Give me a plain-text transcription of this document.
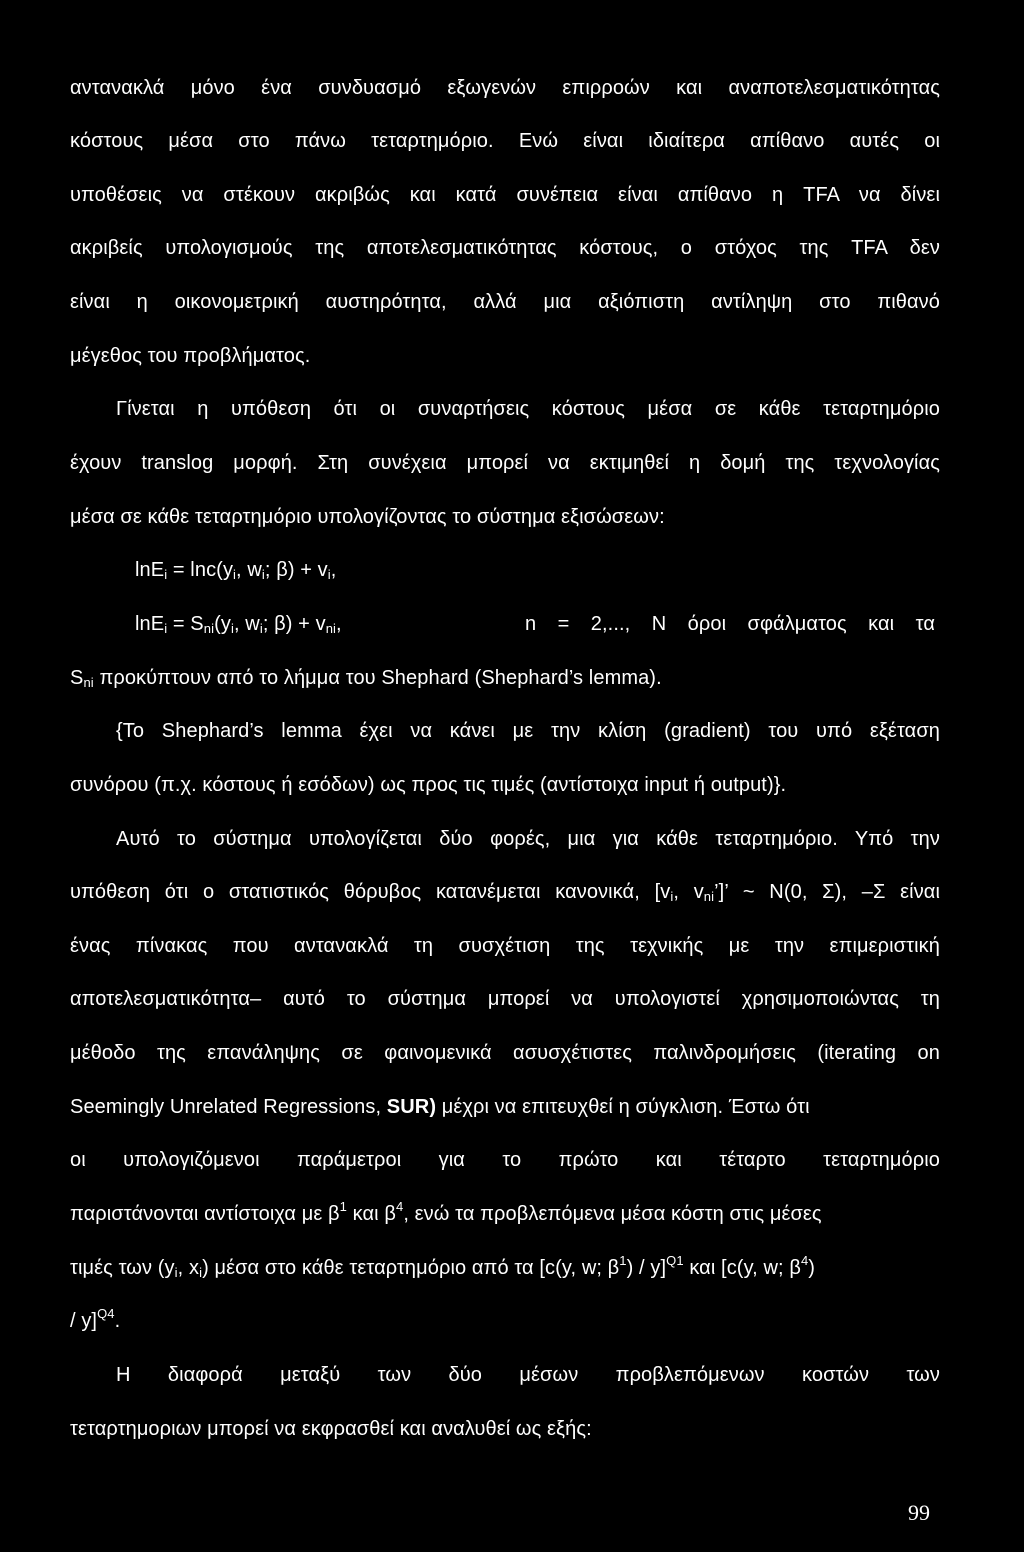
αντανακλά μόνο ένα συνδυασμό εξωγενών επιρροών και αναποτελεσματικότητας
κόστους μέσα στο πάνω τεταρτημόριο. Ενώ είναι ιδιαίτερα απίθανο αυτές οι
υποθέσεις να στέκουν ακριβώς και κατά συνέπεια είναι απίθανο η TFA να δίνει
ακριβείς υπολογισμούς της αποτελεσματικότητας κόστους, ο στόχος της TFA δεν
είναι η οικονομετρική αυστηρότητα, αλλά μια αξιόπιστη αντίληψη στο πιθανό
μέγεθος του προβλήματος.
Γίνεται η υπόθεση ότι οι συναρτήσεις κόστους μέσα σε κάθε τεταρτημόριο
έχουν translog μορφή. Στη συνέχεια μπορεί να εκτιμηθεί η δομή της τεχνολογίας
μέσα σε κάθε τεταρτημόριο υπολογίζοντας το σύστημα εξισώσεων:
$\ln E_i = \ln c(y_i$, $w_i$; $\beta) + v_i$,
$\ln E_i = S_{ni}(y_i$, $w_i$; $\beta) + v_{ni}$,	n = 2,..., N όροι σφάλματος και τα
$S_{ni}$ προκύπτουν από το λήμμα του Shephard (Shephard’s lemma).
{Το Shephard’s lemma έχει να κάνει με την κλίση (gradient) του υπό εξέταση
συνόρου (π.χ. κόστους ή εσόδων) ως προς τις τιμές (αντίστοιχα input ή output)}.
Αυτό το σύστημα υπολογίζεται δύο φορές, μια για κάθε τεταρτημόριο. Υπό την
υπόθεση ότι ο στατιστικός θόρυβος κατανέμεται κανονικά, [$v_i$, $v_{ni}$’]’ ~ N(0, Σ), –Σ είναι
ένας πίνακας που αντανακλά τη συσχέτιση της τεχνικής με την επιμεριστική
αποτελεσματικότητα– αυτό το σύστημα μπορεί να υπολογιστεί χρησιμοποιώντας τη
μέθοδο της επανάληψης σε φαινομενικά ασυσχέτιστες παλινδρομήσεις (iterating on
Seemingly Unrelated Regressions, SUR) μέχρι να επιτευχθεί η σύγκλιση. Έστω ότι
οι υπολογιζόμενοι παράμετροι για το πρώτο και τέταρτο τεταρτημόριο
παριστάνονται αντίστοιχα με $\beta^1$ και $\beta^4$, ενώ τα προβλεπόμενα μέσα κόστη στις μέσες
τιμές των ($y_i$, $x_i$) μέσα στο κάθε τεταρτημόριο από τα [c(y, w; $\beta^1) / y]^{Q1}$ και [c(y, w; $\beta^4$)
/ y]$^{Q4}$.
Η διαφορά μεταξύ των δύο μέσων προβλεπόμενων κοστών των
τεταρτημοριων μπορεί να εκφρασθεί και αναλυθεί ως εξής:
99
